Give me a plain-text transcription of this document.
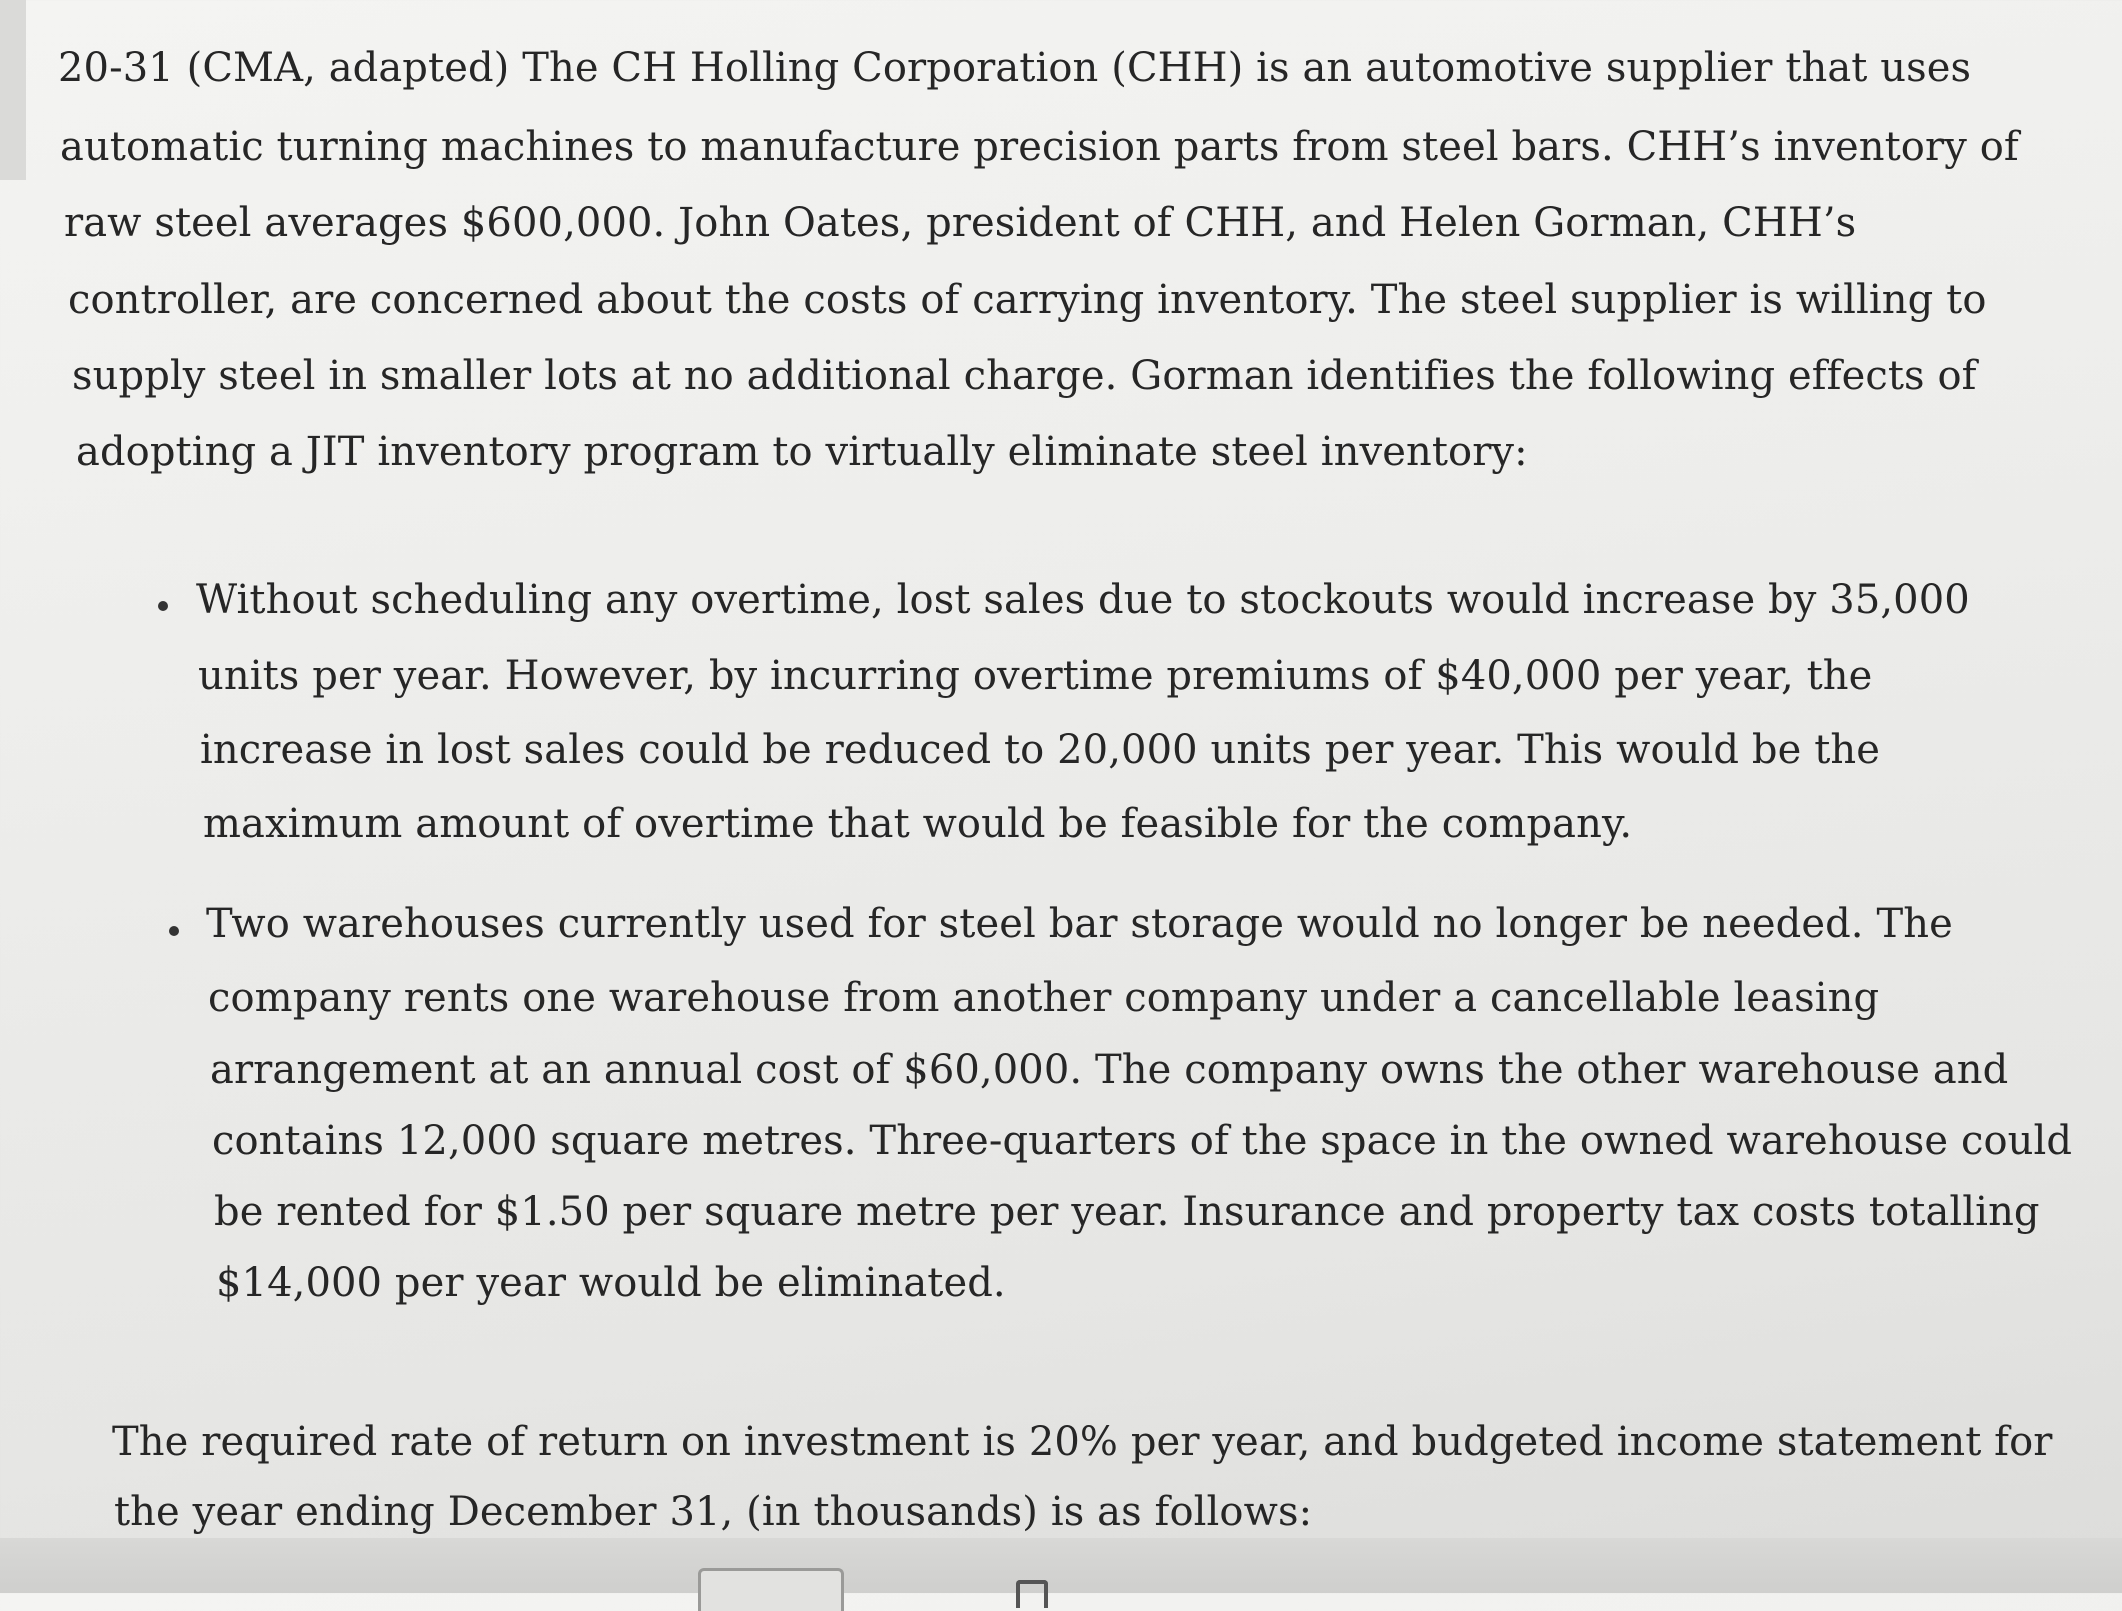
20-31 (CMA, adapted) The CH Holling Corporation (CHH) is an automotive supplier that uses
automatic turning machines to manufacture precision parts from steel bars. CHH’s inventory of
raw steel averages $600,000. John Oates, president of CHH, and Helen Gorman, CHH’s
controller, are concerned about the costs of carrying inventory. The steel supplier is willing to
supply steel in smaller lots at no additional charge. Gorman identifies the following effects of
adopting a JIT inventory program to virtually eliminate steel inventory:
Without scheduling any overtime, lost sales due to stockouts would increase by 35,000
units per year. However, by incurring overtime premiums of $40,000 per year, the
increase in lost sales could be reduced to 20,000 units per year. This would be the
maximum amount of overtime that would be feasible for the company.
Two warehouses currently used for steel bar storage would no longer be needed. The
company rents one warehouse from another company under a cancellable leasing
arrangement at an annual cost of $60,000. The company owns the other warehouse and
contains 12,000 square metres. Three-quarters of the space in the owned warehouse could
be rented for $1.50 per square metre per year. Insurance and property tax costs totalling
$14,000 per year would be eliminated.
The required rate of return on investment is 20% per year, and budgeted income statement for
the year ending December 31, (in thousands) is as follows:
